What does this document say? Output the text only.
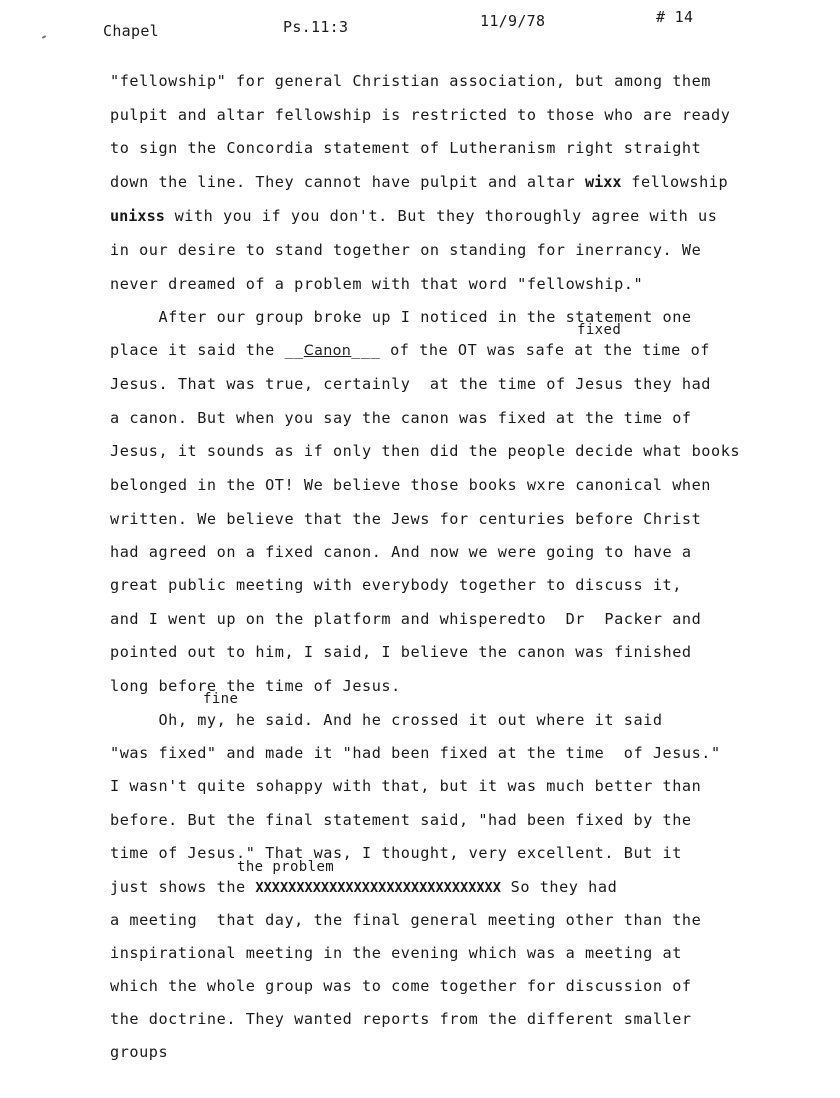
Chapel	Ps.11:3	11/9/78	# 14
"fellowship" for general Christian association, but among them
pulpit and altar fellowship is restricted to those who are ready
to sign the Concordia statement of Lutheranism right straight
down the line. They cannot have pulpit and altar wixx fellowship
unixss with you if you don't. But they thoroughly agree with us
in our desire to stand together on standing for inerrancy. We
never dreamed of a problem with that word "fellowship."
After our group broke up I noticed in the statement one
fixed
place it said the __Canon___ of the OT was safe at the time of
Jesus. That was true, certainly  at the time of Jesus they had
a canon. But when you say the canon was fixed at the time of
Jesus, it sounds as if only then did the people decide what books
belonged in the OT! We believe those books wxre canonical when
written. We believe that the Jews for centuries before Christ
had agreed on a fixed canon. And now we were going to have a
great public meeting with everybody together to discuss it,
and I went up on the platform and whisperedto  Dr  Packer and
pointed out to him, I said, I believe the canon was finished
long before the time of Jesus.
fine
Oh, my, he said. And he crossed it out where it said
"was fixed" and made it "had been fixed at the time  of Jesus."
I wasn't quite sohappy with that, but it was much better than
before. But the final statement said, "had been fixed by the
time of Jesus." That was, I thought, very excellent. But it
the problem
just shows the XXXXXXXXXXXXXXXXXXXXXXXXXXXXXX So they had
a meeting  that day, the final general meeting other than the
inspirational meeting in the evening which was a meeting at
which the whole group was to come together for discussion of
the doctrine. They wanted reports from the different smaller
groups
